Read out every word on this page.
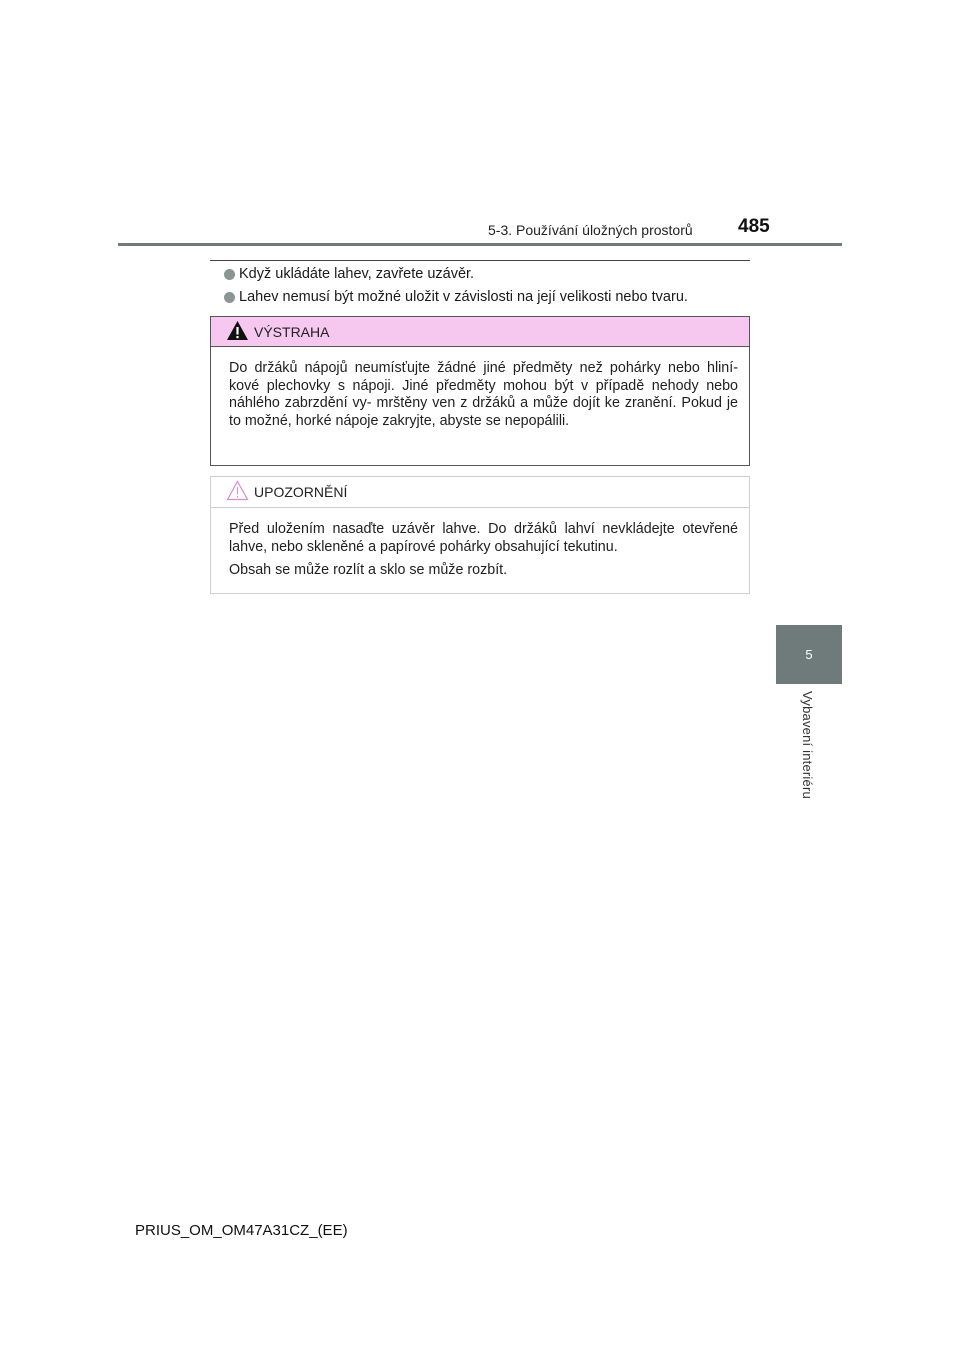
5-3. Používání úložných prostorů 485
Když ukládáte lahev, zavřete uzávěr.
Lahev nemusí být možné uložit v závislosti na její velikosti nebo tvaru.
VÝSTRAHA

Do držáků nápojů neumísťujte žádné jiné předměty než pohárky nebo hliní- kové plechovky s nápoji. Jiné předměty mohou být v případě nehody nebo náhlého zabrzdění vy- mrštěny ven z držáků a může dojít ke zranění. Pokud je to možné, horké nápoje zakryjte, abyste se nepopálili.

UPOZORNĚNÍ

Před uložením nasaďte uzávěr lahve. Do držáků lahví nevkládejte otevřené lahve, nebo skleněné a papírové pohárky obsahující tekutinu.

Obsah se může rozlít a sklo se může rozbít.

5
Vybavení interiéru
PRIUS_OM_OM47A31CZ_(EE)
